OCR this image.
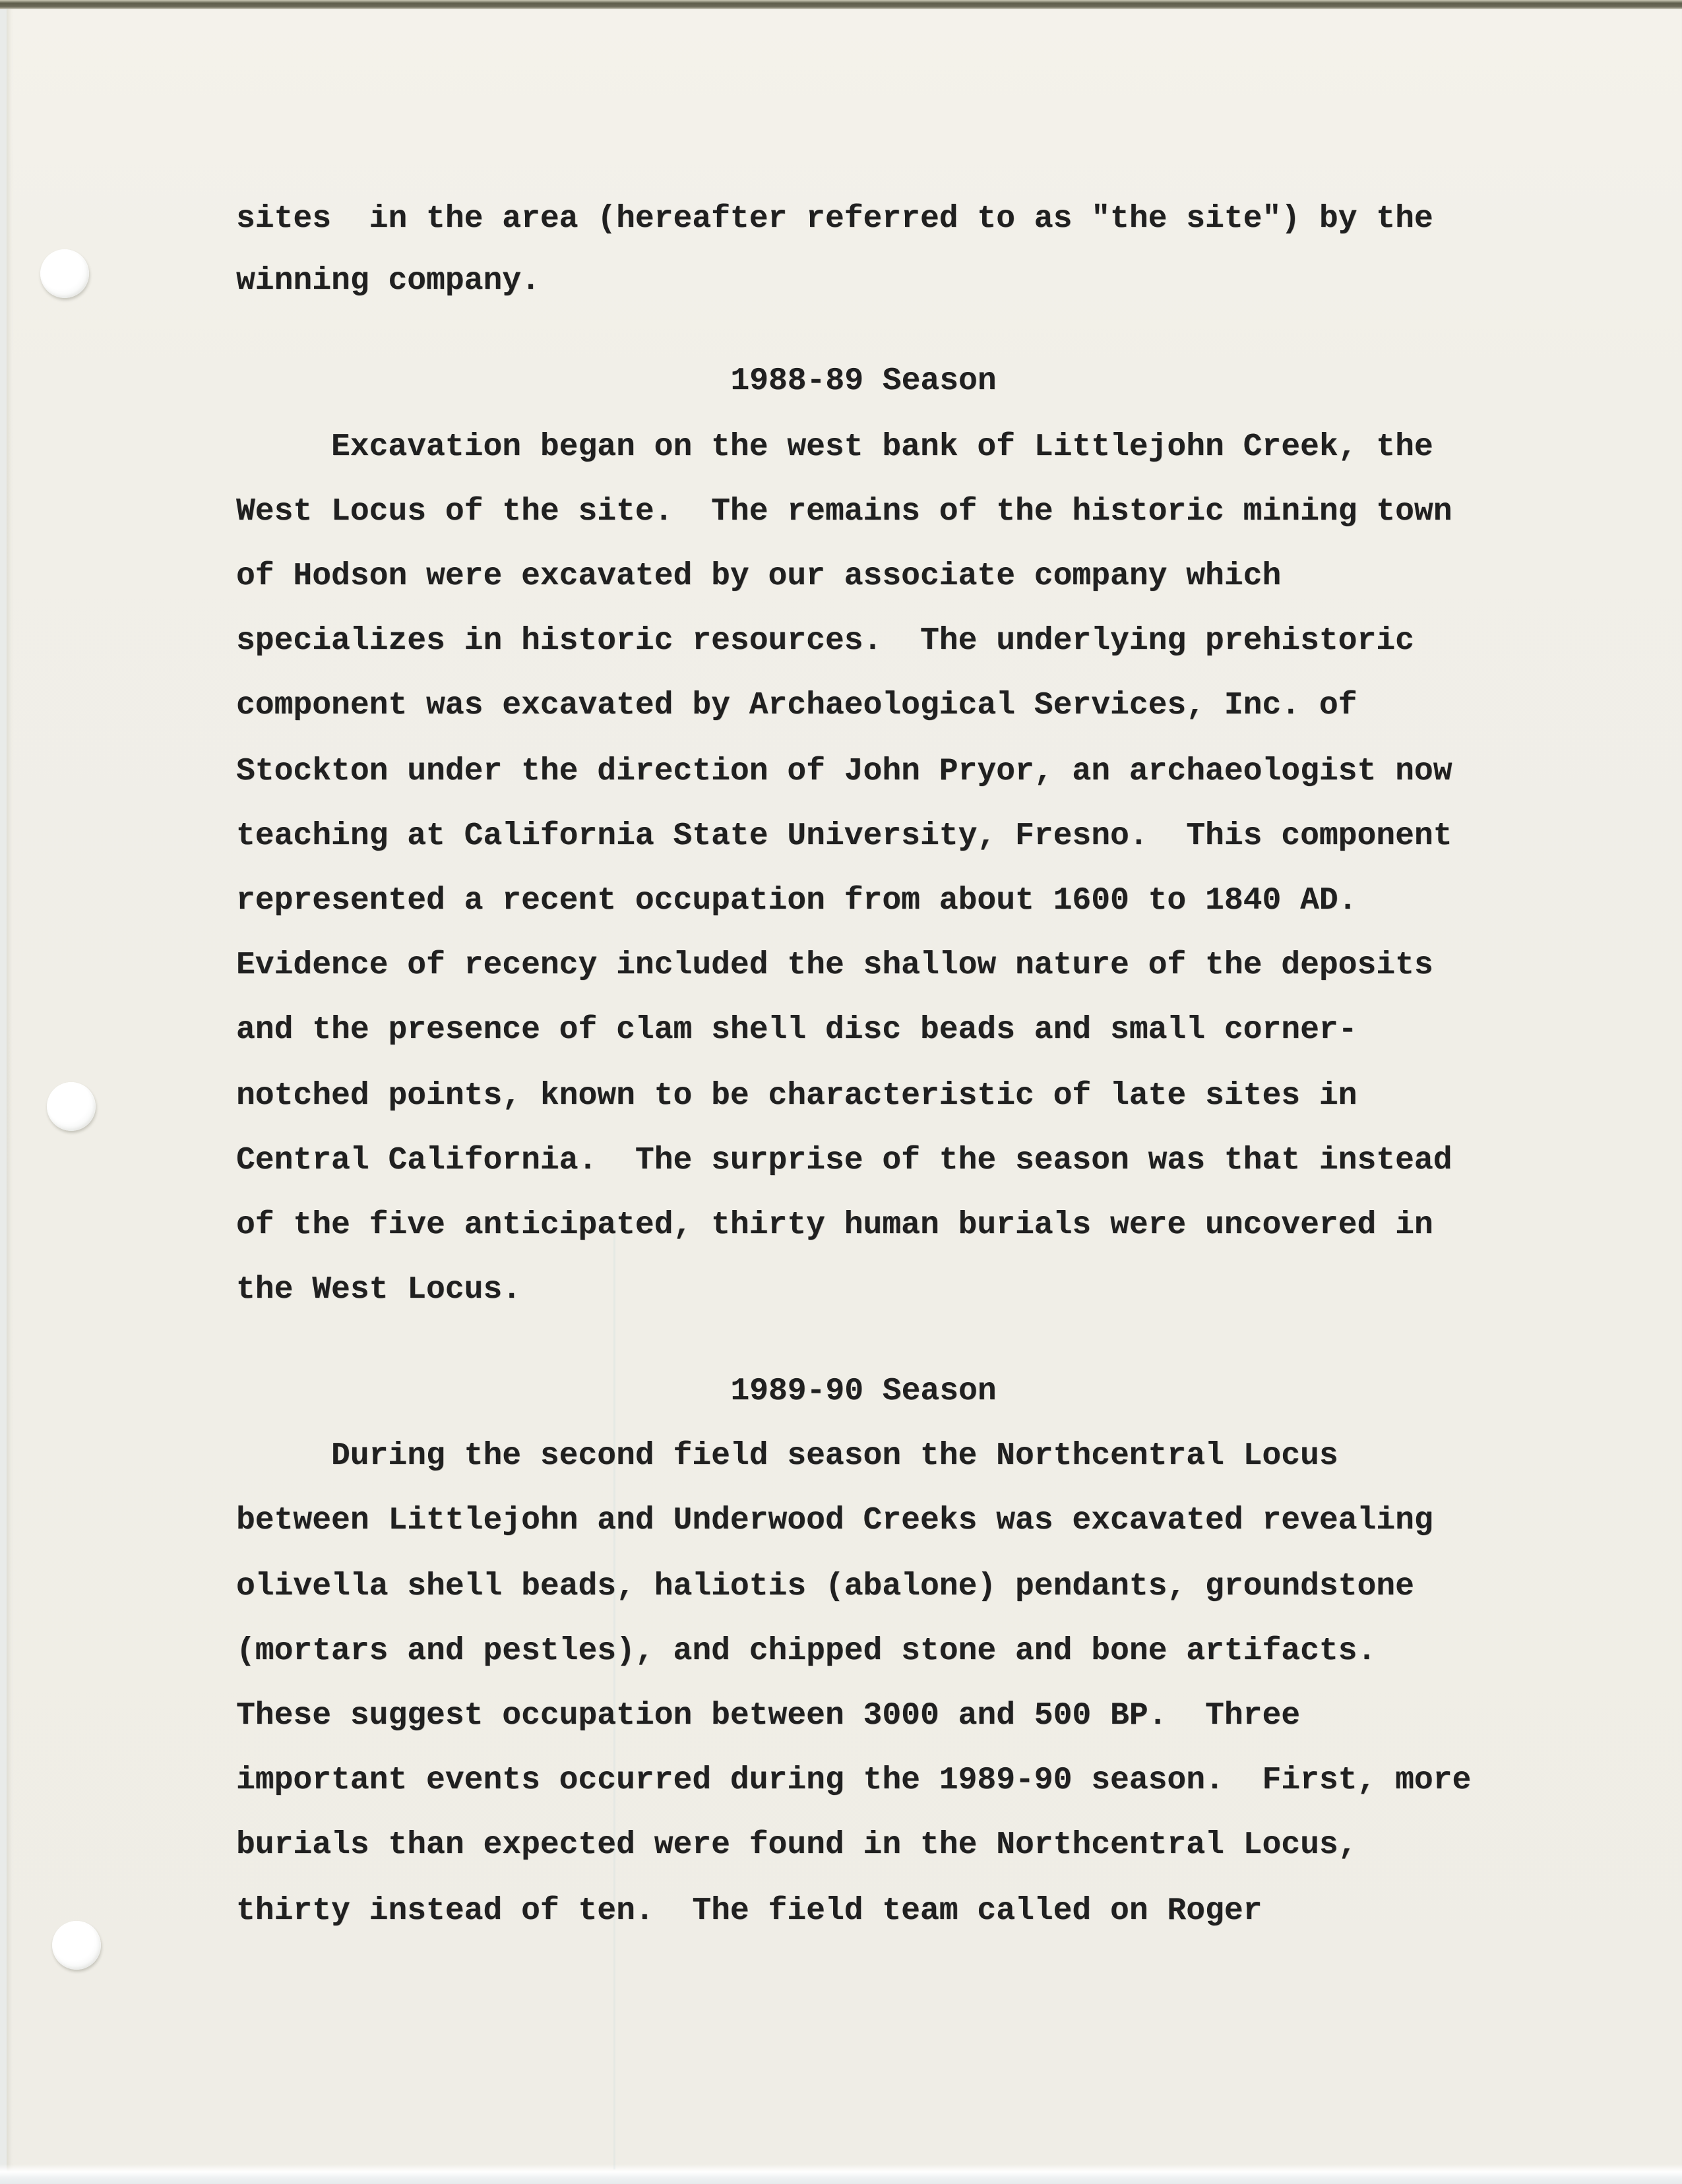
sites  in the area (hereafter referred to as "the site") by the
winning company.
1988-89 Season
Excavation began on the west bank of Littlejohn Creek, the
West Locus of the site.  The remains of the historic mining town
of Hodson were excavated by our associate company which
specializes in historic resources.  The underlying prehistoric
component was excavated by Archaeological Services, Inc. of
Stockton under the direction of John Pryor, an archaeologist now
teaching at California State University, Fresno.  This component
represented a recent occupation from about 1600 to 1840 AD.
Evidence of recency included the shallow nature of the deposits
and the presence of clam shell disc beads and small corner-
notched points, known to be characteristic of late sites in
Central California.  The surprise of the season was that instead
of the five anticipated, thirty human burials were uncovered in
the West Locus.
1989-90 Season
During the second field season the Northcentral Locus
between Littlejohn and Underwood Creeks was excavated revealing
olivella shell beads, haliotis (abalone) pendants, groundstone
(mortars and pestles), and chipped stone and bone artifacts.
These suggest occupation between 3000 and 500 BP.  Three
important events occurred during the 1989-90 season.  First, more
burials than expected were found in the Northcentral Locus,
thirty instead of ten.  The field team called on Roger
